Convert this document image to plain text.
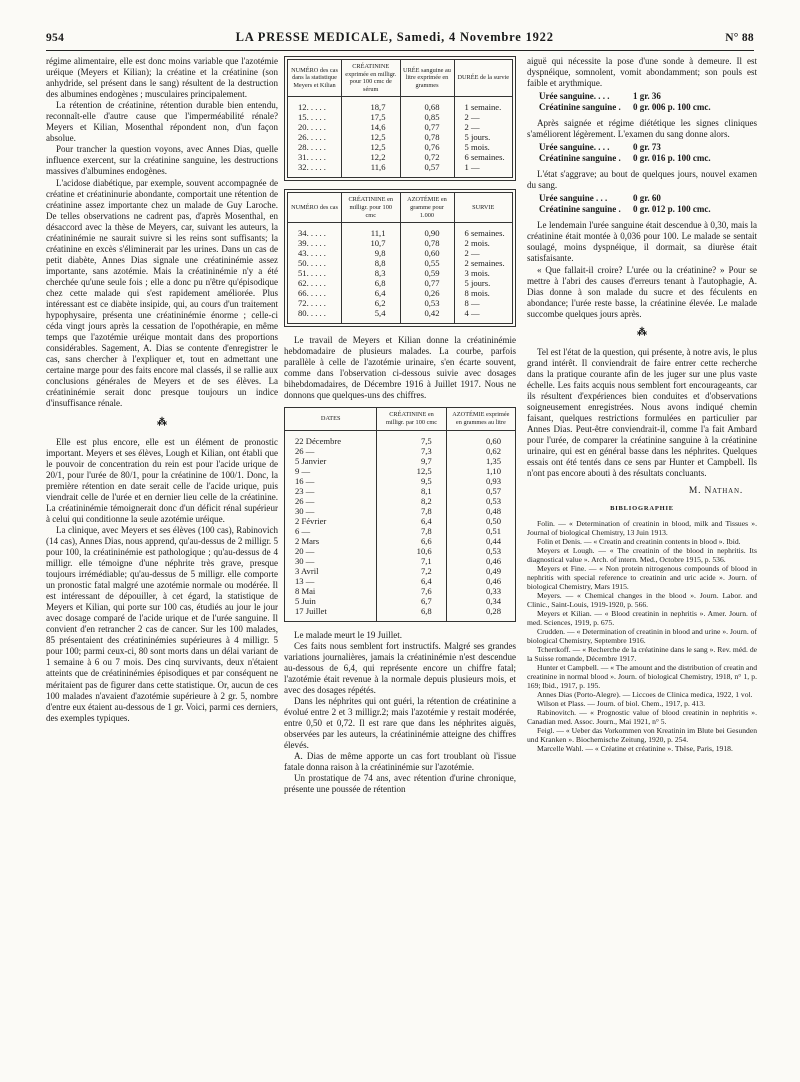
954	LA PRESSE MEDICALE, Samedi, 4 Novembre 1922	N° 88

régime alimentaire, elle est donc moins variable que l'azotémie uréique (Meyers et Kilian); la créatine et la créatinine (son anhydride, sel présent dans le sang) résultent de la destruction des albumines endogènes ; musculaires principalement.

La rétention de créatinine, rétention durable bien entendu, reconnaît-elle d'autre cause que l'imperméabilité rénale? Meyers et Kilian, Mosenthal répondent non, d'un façon absolue.

Pour trancher la question voyons, avec Annes Dias, quelle influence exercent, sur la créatinine sanguine, les destructions massives d'albumines endogènes.

L'acidose diabétique, par exemple, souvent accompagnée de créatine et créatininurie abondante, comportait une rétention de créatinine assez importante chez un malade de Guy Laroche. De telles observations ne cadrent pas, d'après Mosenthal, en désaccord avec la thèse de Meyers, car, suivant les auteurs, la créatininémie ne saurait suivre si les reins sont suffisants; la créatinine en excès s'éliminerait par les urines. Dans un cas de petit diabète, Annes Dias signale une créatininémie assez importante, sans azotémie. Mais la créatininémie n'y a été cherchée qu'une seule fois ; elle a donc pu n'être qu'épisodique chez cette malade qui s'est rapidement améliorée. Plus intéressant est ce diabète insipide, qui, au cours d'un traitement hypophysaire, présenta une créatininémie énorme ; celle-ci céda vingt jours après la cessation de l'opothérapie, en même temps que l'azotémie uréique montait dans des proportions considérables. Sagement, A. Dias se contente d'enregistrer le cas, sans chercher à l'expliquer et, tout en admettant une certaine marge pour des faits encore mal classés, il se rallie aux conclusions générales de Meyers et de ses élèves. La créatininémie serait donc presque toujours un indice d'insuffisance rénale.

⁂

Elle est plus encore, elle est un élément de pronostic important. Meyers et ses élèves, Lough et Kilian, ont établi que le pouvoir de concentration du rein est pour l'acide urique de 20/1, pour l'urée de 80/1, pour la créatinine de 100/1. Donc, la première rétention en date serait celle de l'acide urique, puis viendrait celle de l'urée et en dernier lieu celle de la créatinine. La créatininémie témoignerait donc d'un déficit rénal supérieur à celui qui conditionne la seule azotémie uréique.

La clinique, avec Meyers et ses élèves (100 cas), Rabinovich (14 cas), Annes Dias, nous apprend, qu'au-dessus de 2 milligr. 5 pour 100, la créatininémie est pathologique ; qu'au-dessus de 4 milligr. elle témoigne d'une néphrite très grave, presque toujours irrémédiable; qu'au-dessus de 5 milligr. elle comporte un pronostic fatal malgré une azotémie normale ou modérée. Il est intéressant de dépouiller, à cet égard, la statistique de Meyers et Kilian, qui porte sur 100 cas, étudiés au jour le jour avec dosage comparé de l'acide urique et de l'urée sanguine. Il convient d'en retrancher 2 cas de cancer. Sur les 100 malades, 85 présentaient des créatininémies supérieures à 4 milligr. 5 pour 100; parmi ceux-ci, 80 sont morts dans un délai variant de 1 semaine à 6 ou 7 mois. Des cinq survivants, deux n'étaient atteints que de créatininémies épisodiques et par conséquent ne méritaient pas de figurer dans cette statistique. Or, aucun de ces 100 malades n'avaient d'azotémie supérieure à 2 gr. 5, nombre d'entre eux étaient au-dessous de 1 gr. Voici, parmi ces derniers, des exemples typiques.

NUMÉRO des cas dans la statistique Meyers et Kilian	CRÉATININE exprimée en milligr. pour 100 cmc de sérum	URÉE sanguine au litre exprimée en grammes	DURÉE de la survie
12. . . . .	18,7	0,68	1 semaine.
15. . . . .	17,5	0,85	2 —
20. . . . .	14,6	0,77	2 —
26. . . . .	12,5	0,78	5 jours.
28. . . . .	12,5	0,76	5 mois.
31. . . . .	12,2	0,72	6 semaines.
32. . . . .	11,6	0,57	1 —
NUMÉRO des cas	CRÉATININE en milligr. pour 100 cmc	AZOTÉMIE en gramme pour 1.000	SURVIE
34. . . . .	11,1	0,90	6 semaines.
39. . . . .	10,7	0,78	2 mois.
43. . . . .	9,8	0,60	2 —
50. . . . .	8,8	0,55	2 semaines.
51. . . . .	8,3	0,59	3 mois.
62. . . . .	6,8	0,77	5 jours.
66. . . . .	6,4	0,26	8 mois.
72. . . . .	6,2	0,53	8 —
80. . . . .	5,4	0,42	4 —

Le travail de Meyers et Kilian donne la créatininémie hebdomadaire de plusieurs malades. La courbe, parfois parallèle à celle de l'azotémie urinaire, s'en écarte souvent, comme dans l'observation ci-dessous suivie avec dosages bihebdomadaires, de Décembre 1916 à Juillet 1917. Nous ne donnons que quelques-uns des chiffres.

DATES	CRÉATININE en milligr. par 100 cmc	AZOTÉMIE exprimée en grammes au litre
22 Décembre	7,5	0,60
26 —	7,3	0,62
5 Janvier	9,7	1,35
9 —	12,5	1,10
16 —	9,5	0,93
23 —	8,1	0,57
26 —	8,2	0,53
30 —	7,8	0,48
2 Février	6,4	0,50
6 —	7,8	0,51
2 Mars	6,6	0,44
20 —	10,6	0,53
30 —	7,1	0,46
3 Avril	7,2	0,49
13 —	6,4	0,46
8 Mai	7,6	0,33
5 Juin	6,7	0,34
17 Juillet	6,8	0,28

Le malade meurt le 19 Juillet.

Ces faits nous semblent fort instructifs. Malgré ses grandes variations journalières, jamais la créatininémie n'est descendue au-dessous de 6,4, qui représente encore un chiffre fatal; l'azotémie était revenue à la normale depuis plusieurs mois, et avec des dosages répétés.

Dans les néphrites qui ont guéri, la rétention de créatinine a évolué entre 2 et 3 milligr.2; mais l'azotémie y restait modérée, entre 0,50 et 0,72. Il est rare que dans les néphrites aiguës, observées par les auteurs, la créatininémie atteigne des chiffres élevés.

A. Dias de même apporte un cas fort troublant où l'issue fatale donna raison à la créatininémie sur l'azotémie.

Un prostatique de 74 ans, avec rétention d'urine chronique, présente une poussée de rétention

aiguë qui nécessite la pose d'une sonde à demeure. Il est dyspnéique, somnolent, vomit abondamment; son pouls est faible et arythmique.

Urée sanguine. . . .	1 gr. 36
Créatinine sanguine . 0 gr. 006 p. 100 cmc.

Après saignée et régime diététique les signes cliniques s'améliorent légèrement. L'examen du sang donne alors.

Urée sanguine. . . .	0 gr. 73
Créatinine sanguine . 0 gr. 016 p. 100 cmc.

L'état s'aggrave; au bout de quelques jours, nouvel examen du sang.

Urée sanguine . . .	0 gr. 60
Créatinine sanguine . 0 gr. 012 p. 100 cmc.

Le lendemain l'urée sanguine était descendue à 0,30, mais la créatinine était montée à 0,036 pour 100. Le malade se sentait soulagé, moins dyspnéique, il dormait, sa diurèse était satisfaisante.

« Que fallait-il croire? L'urée ou la créatinine? » Pour se mettre à l'abri des causes d'erreurs tenant à l'autophagie, A. Dias donne à son malade du sucre et des féculents en abondance; l'urée reste basse, la créatinine élevée. Le malade succombe quelques jours après.

⁂

Tel est l'état de la question, qui présente, à notre avis, le plus grand intérêt. Il conviendrait de faire entrer cette recherche dans la pratique courante afin de les juger sur une plus vaste échelle. Les faits acquis nous semblent fort encourageants, car ils résultent d'expériences bien conduites et d'observations soigneusement enregistrées. Nous avons indiqué chemin faisant, quelques restrictions formulées en particulier par Annes Dias. Peut-être conviendrait-il, comme l'a fait Ambard pour l'urée, de comparer la créatinine sanguine à la créatinine urinaire, qui est en général basse dans les néphrites. Quelques essais ont été tentés dans ce sens par Hunter et Campbell. Ils n'ont pas encore abouti à des résultats concluants.

M. Nathan.
BIBLIOGRAPHIE

Folin. — « Determination of creatinin in blood, milk and Tissues ». Journal of biological Chemistry, 13 Juin 1913.

Folin et Denis. — « Creatin and creatinin contents in blood ». Ibid.

Meyers et Lough. — « The creatinin of the blood in nephritis. Its diagnostical value ». Arch. of intern. Med., Octobre 1915, p. 536.

Meyers et Fine. — « Non protein nitrogenous compounds of blood in nephritis with special reference to creatinin and uric acide ». Journ. of biological Chemistry, Mars 1915.

Meyers. — « Chemical changes in the blood ». Journ. Labor. and Clinic., Saint-Louis, 1919-1920, p. 566.

Meyers et Kilian. — « Blood creatinin in nephritis ». Amer. Journ. of med. Sciences, 1919, p. 675.

Crudden. — « Determination of creatinin in blood and urine ». Journ. of biological Chemistry, Septembre 1916.

Tchertkoff. — « Recherche de la créatinine dans le sang ». Rev. méd. de la Suisse romande, Décembre 1917.

Hunter et Campbell. — « The amount and the distribution of creatin and creatinine in normal blood ». Journ. of biological Chemistry, 1918, n° 1, p. 169; Ibid., 1917, p. 195.

Annes Dias (Porto-Alegre). — Liccoes de Clinica medica, 1922, 1 vol.

Wilson et Plass. — Journ. of biol. Chem., 1917, p. 413.

Rabinovitch. — « Prognostic value of blood creatinin in nephritis ». Canadian med. Assoc. Journ., Mai 1921, n° 5.

Feigl. — « Ueber das Vorkommen von Kreatinin im Blute bei Gesunden und Kranken ». Biochemische Zeitung, 1920, p. 254.

Marcelle Wahl. — « Créatine et créatinine ». Thèse, Paris, 1918.
